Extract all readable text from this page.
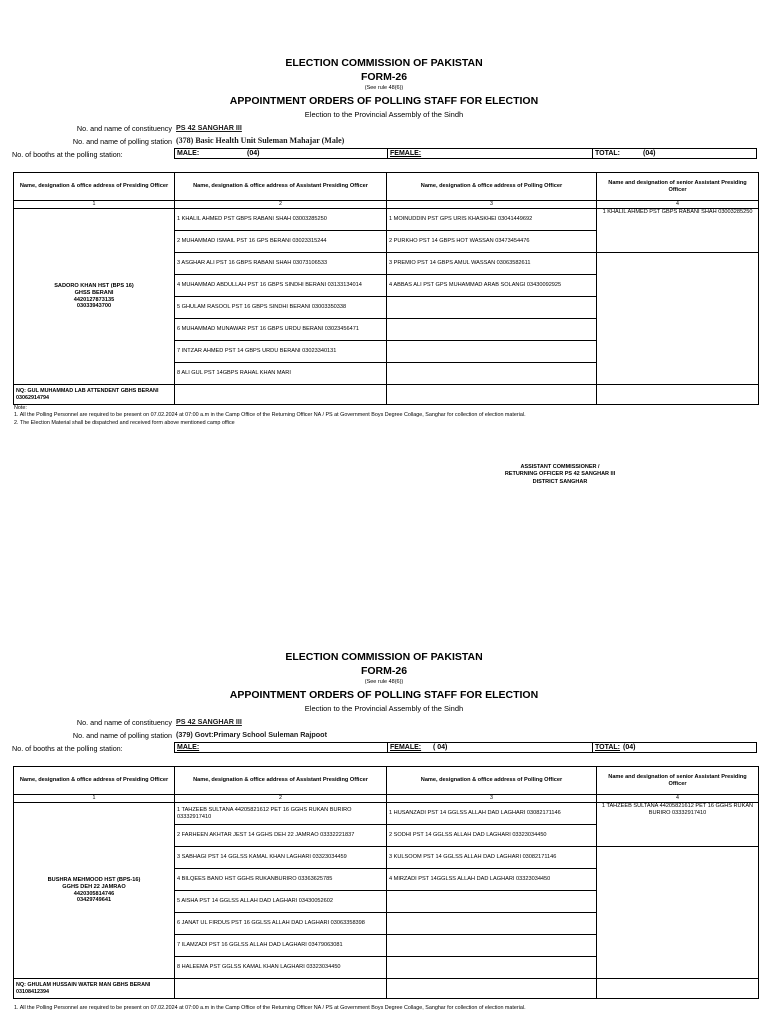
ELECTION COMMISSION OF PAKISTAN
FORM-26
(See rule 48(6))
APPOINTMENT ORDERS OF POLLING STAFF FOR ELECTION
Election to the Provincial Assembly of the Sindh
No. and name of constituency PS 42 SANGHAR III
No. and name of polling station (378) Basic Health Unit Suleman Mahajar (Male)
No. of booths at the polling station:	MALE:	(04)	FEMALE:	TOTAL:	(04)
Name, designation & office address of Presiding Officer	Name, designation & office address of Assistant Presiding Officer	Name, designation & office address of Polling Officer	Name and designation of senior Assistant Presiding Officer
1	2	3	4

SADORO KHAN HST (BPS 16)
GHSS BERANI
4420127873135
03033943700	1 KHALIL AHMED PST GBPS RABANI SHAH 03003285250	1 MOINUDDIN PST GPS URIS KHASKHEI 03041449692	1 KHALIL AHMED PST GBPS RABANI SHAH 03003285250
	2 MUHAMMAD ISMAIL PST 16 GPS BERANI 03023315244	2 PURKHO PST 14 GBPS HOT WASSAN 03473454476	
	3 ASGHAR ALI PST 16 GBPS RABANI SHAH 03073106533	3 PREMIO PST 14 GBPS AMUL WASSAN 03063582611	
	4 MUHAMMAD ABDULLAH PST 16 GBPS SINDHI BERANI 03133134014	4 ABBAS ALI PST GPS MUHAMMAD ARAB SOLANGI 03430092925	
	5 GHULAM RASOOL PST 16 GBPS SINDHI BERANI 03003350338		
	6 MUHAMMAD MUNAWAR PST 16 GBPS URDU BERANI 03023456471		
	7 INTZAR AHMED PST 14 GBPS URDU BERANI 03023340131		
	8 ALI GUL PST 14GBPS RAHAL KHAN MARI		
NQ: GUL MUHAMMAD LAB ATTENDENT GBHS BERANI 03062914794			
Note:
1. All the Polling Personnel are required to be present on 07.02.2024 at 07:00 a.m in the Camp Office of the Returning Officer NA / PS at Government Boys Degree Collage, Sanghar for collection of election material.
2. The Election Material shall be dispatched and received form above mentioned camp office
ASSISTANT COMMISSIONER /
RETURNING OFFICER PS 42 SANGHAR III
DISTRICT SANGHAR
ELECTION COMMISSION OF PAKISTAN
FORM-26
(See rule 48(6))
APPOINTMENT ORDERS OF POLLING STAFF FOR ELECTION
Election to the Provincial Assembly of the Sindh
No. and name of constituency PS 42 SANGHAR III
No. and name of polling station (379) Govt:Primary School Suleman Rajpoot
No. of booths at the polling station:	MALE:	FEMALE: ( 04)	TOTAL: (04)
Name, designation & office address of Presiding Officer	Name, designation & office address of Assistant Presiding Officer	Name, designation & office address of Polling Officer	Name and designation of senior Assistant Presiding Officer
1	2	3	4

BUSHRA MEHMOOD HST (BPS-16)
GGHS DEH 22 JAMRAO
4420305814746
03429749641	1 TAHZEEB SULTANA 44205821612 PET 16 GGHS RUKAN BURIRO 03332917410	1 HUSANZADI PST 14 GGLSS ALLAH DAD LAGHARI 03082171146	1 TAHZEEB SULTANA 44205821612 PET 16 GGHS RUKAN BURIRO 03332917410
	2 FARHEEN AKHTAR JEST 14 GGHS DEH 22 JAMRAO 03332221837	2 SODHI PST 14 GGLSS ALLAH DAD LAGHARI 03323034450	
	3 SABHAGI PST 14 GGLSS KAMAL KHAN LAGHARI 03323034459	3 KULSOOM PST 14 GGLSS ALLAH DAD LAGHARI 03082171146	
	4 BILQEES BANO HST GGHS RUKANBURIRO 03363625785	4 MIRZADI PST 14GGLSS ALLAH DAD LAGHARI 03323034450	
	5 AISHA PST 14 GGLSS ALLAH DAD LAGHARI 03430052602		
	6 JANAT UL FIRDUS PST 16 GGLSS ALLAH DAD LAGHARI 03063358398		
	7 ILAMZADI PST 16 GGLSS ALLAH DAD LAGHARI 03479063081		
	8 HALEEMA PST GGLSS KAMAL KHAN LAGHARI 03323034450		
NQ: GHULAM HUSSAIN WATER MAN GBHS BERANI 03108412394			
1. All the Polling Personnel are required to be present on 07.02.2024 at 07:00 a.m in the Camp Office of the Returning Officer NA / PS at Government Boys Degree Collage, Sanghar for collection of election material.
